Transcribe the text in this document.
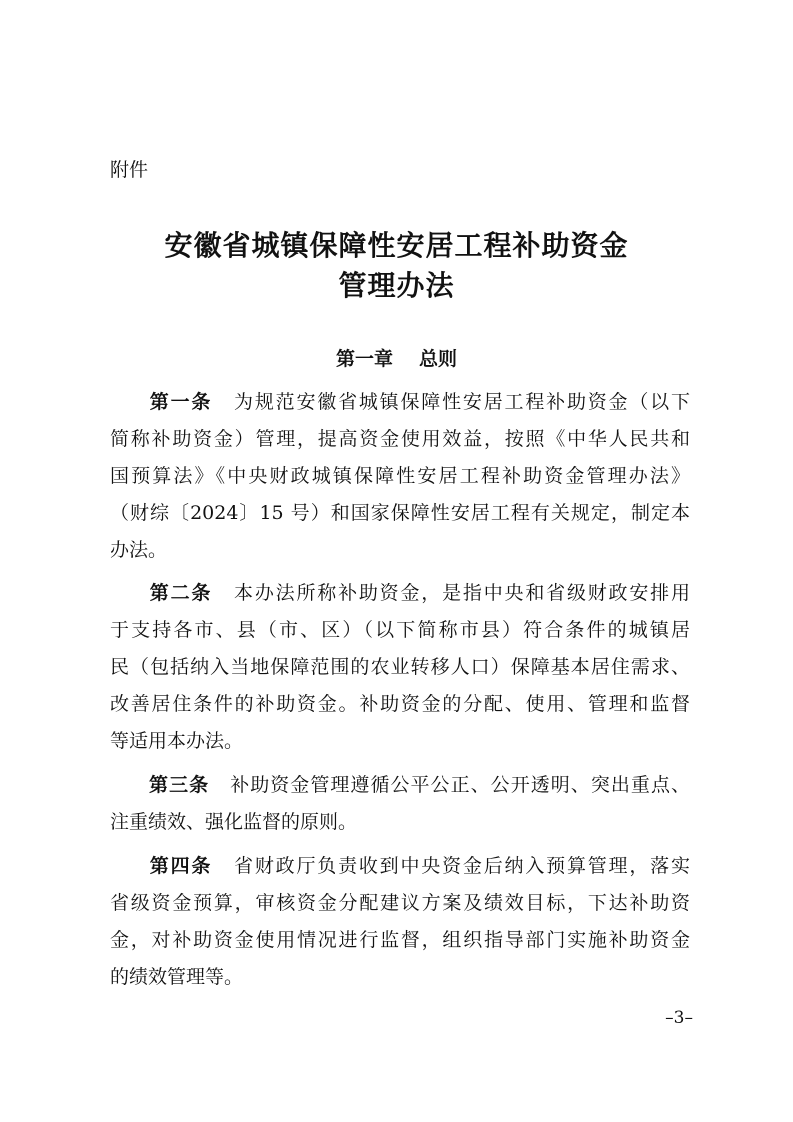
附件
安徽省城镇保障性安居工程补助资金
管理办法
第一章 总则
第一条 为规范安徽省城镇保障性安居工程补助资金（以下
简称补助资金）管理，提高资金使用效益，按照《中华人民共和
国预算法》《中央财政城镇保障性安居工程补助资金管理办法》
（财综〔2024〕15 号）和国家保障性安居工程有关规定，制定本
办法。
第二条 本办法所称补助资金，是指中央和省级财政安排用
于支持各市、县（市、区）（以下简称市县）符合条件的城镇居
民（包括纳入当地保障范围的农业转移人口）保障基本居住需求、
改善居住条件的补助资金。补助资金的分配、使用、管理和监督
等适用本办法。
第三条 补助资金管理遵循公平公正、公开透明、突出重点、
注重绩效、强化监督的原则。
第四条 省财政厅负责收到中央资金后纳入预算管理，落实
省级资金预算，审核资金分配建议方案及绩效目标，下达补助资
金，对补助资金使用情况进行监督，组织指导部门实施补助资金
的绩效管理等。
–3–
